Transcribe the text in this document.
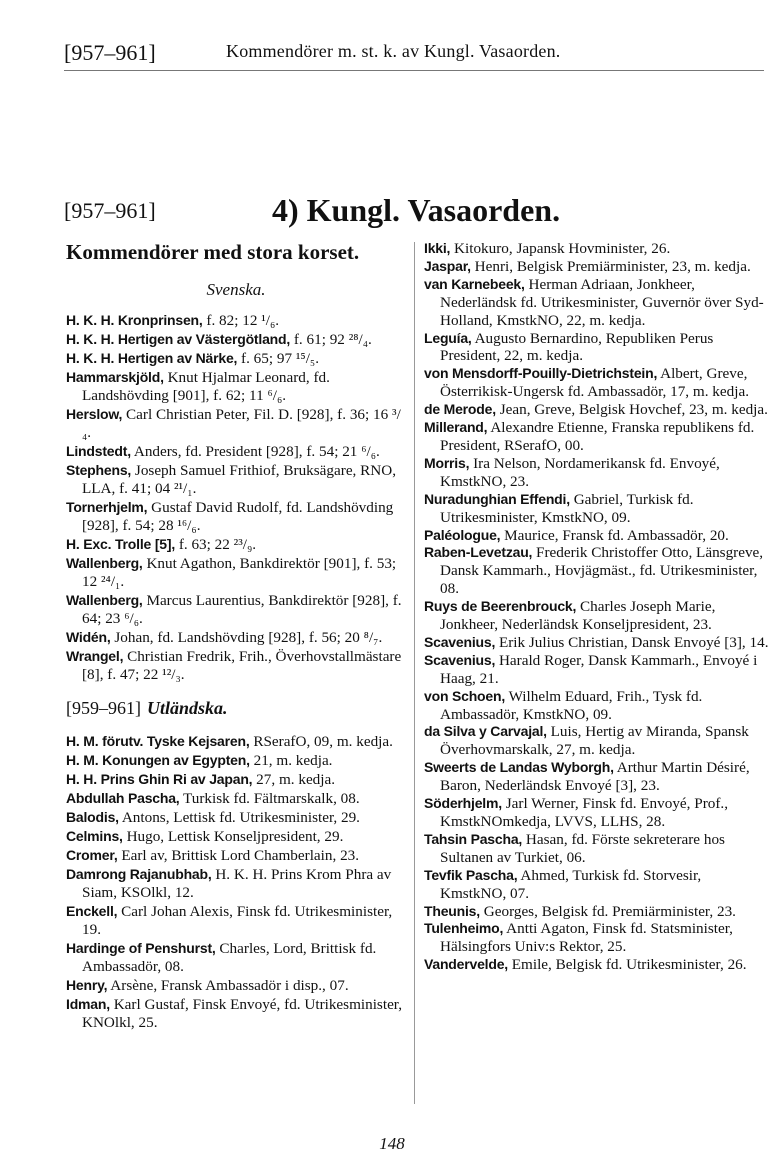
[957–961]	Kommendörer m. st. k. av Kungl. Vasaorden.
[957–961]	4) Kungl. Vasaorden.
Kommendörer med stora korset.
Svenska.

H. K. H. Kronprinsen, f. 82; 12 ¹/₆.

H. K. H. Hertigen av Västergötland, f. 61; 92 ²⁸/₄.

H. K. H. Hertigen av Närke, f. 65; 97 ¹⁵/₅.

Hammarskjöld, Knut Hjalmar Leonard, fd. Landshövding [901], f. 62; 11 ⁶/₆.

Herslow, Carl Christian Peter, Fil. D. [928], f. 36; 16 ³/₄.

Lindstedt, Anders, fd. President [928], f. 54; 21 ⁶/₆.

Stephens, Joseph Samuel Frithiof, Bruksägare, RNO, LLA, f. 41; 04 ²¹/₁.

Tornerhjelm, Gustaf David Rudolf, fd. Landshövding [928], f. 54; 28 ¹⁶/₆.

H. Exc. Trolle [5], f. 63; 22 ²³/₉.

Wallenberg, Knut Agathon, Bankdirektör [901], f. 53; 12 ²⁴/₁.

Wallenberg, Marcus Laurentius, Bankdirektör [928], f. 64; 23 ⁶/₆.

Widén, Johan, fd. Landshövding [928], f. 56; 20 ⁸/₇.

Wrangel, Christian Fredrik, Frih., Överhovstallmästare [8], f. 47; 22 ¹²/₃.

[959–961] Utländska.

H. M. förutv. Tyske Kejsaren, RSerafO, 09, m. kedja.

H. M. Konungen av Egypten, 21, m. kedja.

H. H. Prins Ghin Ri av Japan, 27, m. kedja.

Abdullah Pascha, Turkisk fd. Fältmarskalk, 08.

Balodis, Antons, Lettisk fd. Utrikesminister, 29.

Celmins, Hugo, Lettisk Konseljpresident, 29.

Cromer, Earl av, Brittisk Lord Chamberlain, 23.

Damrong Rajanubhab, H. K. H. Prins Krom Phra av Siam, KSOlkl, 12.

Enckell, Carl Johan Alexis, Finsk fd. Utrikesminister, 19.

Hardinge of Penshurst, Charles, Lord, Brittisk fd. Ambassadör, 08.

Henry, Arsène, Fransk Ambassadör i disp., 07.

Idman, Karl Gustaf, Finsk Envoyé, fd. Utrikesminister, KNOlkl, 25.

Ikki, Kitokuro, Japansk Hovminister, 26.

Jaspar, Henri, Belgisk Premiärminister, 23, m. kedja.

van Karnebeek, Herman Adriaan, Jonkheer, Nederländsk fd. Utrikesminister, Guvernör över Syd-Holland, KmstkNO, 22, m. kedja.

Leguía, Augusto Bernardino, Republiken Perus President, 22, m. kedja.

von Mensdorff-Pouilly-Dietrichstein, Albert, Greve, Österrikisk-Ungersk fd. Ambassadör, 17, m. kedja.

de Merode, Jean, Greve, Belgisk Hovchef, 23, m. kedja.

Millerand, Alexandre Etienne, Franska republikens fd. President, RSerafO, 00.

Morris, Ira Nelson, Nordamerikansk fd. Envoyé, KmstkNO, 23.

Nuradunghian Effendi, Gabriel, Turkisk fd. Utrikesminister, KmstkNO, 09.

Paléologue, Maurice, Fransk fd. Ambassadör, 20.

Raben-Levetzau, Frederik Christoffer Otto, Länsgreve, Dansk Kammarh., Hovjägmäst., fd. Utrikesminister, 08.

Ruys de Beerenbrouck, Charles Joseph Marie, Jonkheer, Nederländsk Konseljpresident, 23.

Scavenius, Erik Julius Christian, Dansk Envoyé [3], 14.

Scavenius, Harald Roger, Dansk Kammarh., Envoyé i Haag, 21.

von Schoen, Wilhelm Eduard, Frih., Tysk fd. Ambassadör, KmstkNO, 09.

da Silva y Carvajal, Luis, Hertig av Miranda, Spansk Överhovmarskalk, 27, m. kedja.

Sweerts de Landas Wyborgh, Arthur Martin Désiré, Baron, Nederländsk Envoyé [3], 23.

Söderhjelm, Jarl Werner, Finsk fd. Envoyé, Prof., KmstkNOmkedja, LVVS, LLHS, 28.

Tahsin Pascha, Hasan, fd. Förste sekreterare hos Sultanen av Turkiet, 06.

Tevfik Pascha, Ahmed, Turkisk fd. Storvesir, KmstkNO, 07.

Theunis, Georges, Belgisk fd. Premiärminister, 23.

Tulenheimo, Antti Agaton, Finsk fd. Statsminister, Hälsingfors Univ:s Rektor, 25.

Vandervelde, Emile, Belgisk fd. Utrikesminister, 26.

148
